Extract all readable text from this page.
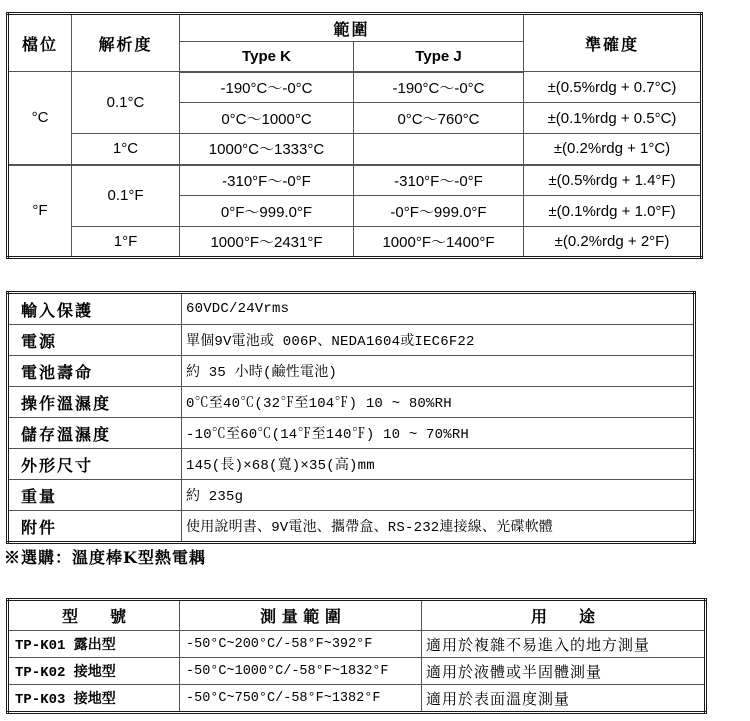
檔位	解析度	範圍		準確度
		Type K	Type J	
°C	0.1°C	-190°C～-0°C	-190°C～-0°C	±(0.5%rdg + 0.7°C)
		0°C～1000°C	0°C～760°C	±(0.1%rdg + 0.5°C)
	1°C	1000°C～1333°C		±(0.2%rdg + 1°C)
°F	0.1°F	-310°F～-0°F	-310°F～-0°F	±(0.5%rdg + 1.4°F)
		0°F～999.0°F	-0°F～999.0°F	±(0.1%rdg + 1.0°F)
	1°F	1000°F～2431°F	1000°F～1400°F	±(0.2%rdg + 2°F)
輸入保護	60VDC/24Vrms
電源	單個9V電池或 006P、NEDA1604或IEC6F22
電池壽命	約 35 小時(鹼性電池)
操作溫濕度	0℃至40℃(32℉至104℉) 10 ~ 80%RH
儲存溫濕度	-10℃至60℃(14℉至140℉) 10 ~ 70%RH
外形尺寸	145(長)×68(寬)×35(高)mm
重量	約 235g
附件	使用說明書、9V電池、攜帶盒、RS-232連接線、光碟軟體
※選購：溫度棒K型熱電耦
型　　號	測 量 範 圍	用　　途
TP-K01 露出型	-50°C~200°C/-58°F~392°F	適用於複雜不易進入的地方測量
TP-K02 接地型	-50°C~1000°C/-58°F~1832°F	適用於液體或半固體測量
TP-K03 接地型	-50°C~750°C/-58°F~1382°F	適用於表面溫度測量
